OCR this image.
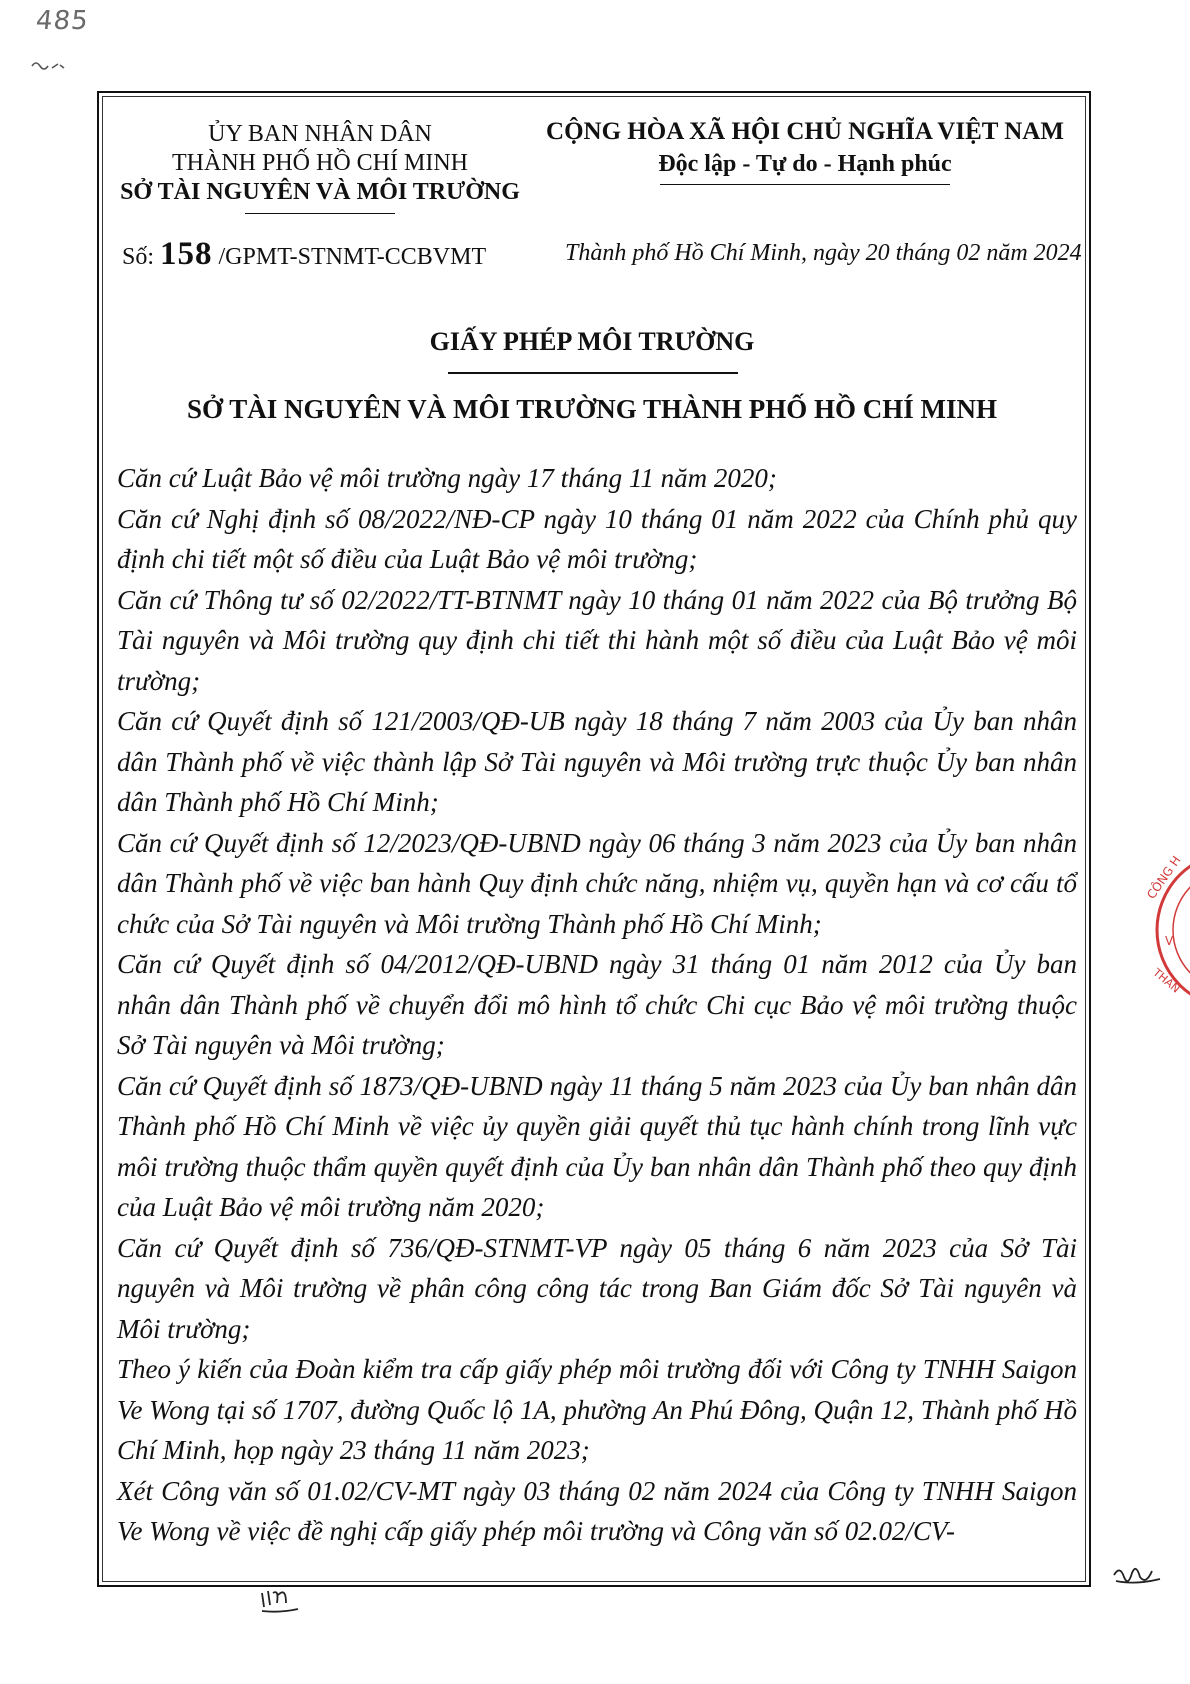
485
ỦY BAN NHÂN DÂN
THÀNH PHỐ HỒ CHÍ MINH
SỞ TÀI NGUYÊN VÀ MÔI TRƯỜNG
CỘNG HÒA XÃ HỘI CHỦ NGHĨA VIỆT NAM
Độc lập - Tự do - Hạnh phúc
Số: 158 /GPMT-STNMT-CCBVMT	Thành phố Hồ Chí Minh, ngày 20 tháng 02 năm 2024
GIẤY PHÉP MÔI TRƯỜNG
SỞ TÀI NGUYÊN VÀ MÔI TRƯỜNG THÀNH PHỐ HỒ CHÍ MINH

Căn cứ Luật Bảo vệ môi trường ngày 17 tháng 11 năm 2020;

Căn cứ Nghị định số 08/2022/NĐ-CP ngày 10 tháng 01 năm 2022 của Chính phủ quy định chi tiết một số điều của Luật Bảo vệ môi trường;

Căn cứ Thông tư số 02/2022/TT-BTNMT ngày 10 tháng 01 năm 2022 của Bộ trưởng Bộ Tài nguyên và Môi trường quy định chi tiết thi hành một số điều của Luật Bảo vệ môi trường;

Căn cứ Quyết định số 121/2003/QĐ-UB ngày 18 tháng 7 năm 2003 của Ủy ban nhân dân Thành phố về việc thành lập Sở Tài nguyên và Môi trường trực thuộc Ủy ban nhân dân Thành phố Hồ Chí Minh;

Căn cứ Quyết định số 12/2023/QĐ-UBND ngày 06 tháng 3 năm 2023 của Ủy ban nhân dân Thành phố về việc ban hành Quy định chức năng, nhiệm vụ, quyền hạn và cơ cấu tổ chức của Sở Tài nguyên và Môi trường Thành phố Hồ Chí Minh;

Căn cứ Quyết định số 04/2012/QĐ-UBND ngày 31 tháng 01 năm 2012 của Ủy ban nhân dân Thành phố về chuyển đổi mô hình tổ chức Chi cục Bảo vệ môi trường thuộc Sở Tài nguyên và Môi trường;

Căn cứ Quyết định số 1873/QĐ-UBND ngày 11 tháng 5 năm 2023 của Ủy ban nhân dân Thành phố Hồ Chí Minh về việc ủy quyền giải quyết thủ tục hành chính trong lĩnh vực môi trường thuộc thẩm quyền quyết định của Ủy ban nhân dân Thành phố theo quy định của Luật Bảo vệ môi trường năm 2020;

Căn cứ Quyết định số 736/QĐ-STNMT-VP ngày 05 tháng 6 năm 2023 của Sở Tài nguyên và Môi trường về phân công công tác trong Ban Giám đốc Sở Tài nguyên và Môi trường;

Theo ý kiến của Đoàn kiểm tra cấp giấy phép môi trường đối với Công ty TNHH Saigon Ve Wong tại số 1707, đường Quốc lộ 1A, phường An Phú Đông, Quận 12, Thành phố Hồ Chí Minh, họp ngày 23 tháng 11 năm 2023;

Xét Công văn số 01.02/CV-MT ngày 03 tháng 02 năm 2024 của Công ty TNHH Saigon Ve Wong về việc đề nghị cấp giấy phép môi trường và Công văn số 02.02/CV-

CÔNG H
V
THÀN
